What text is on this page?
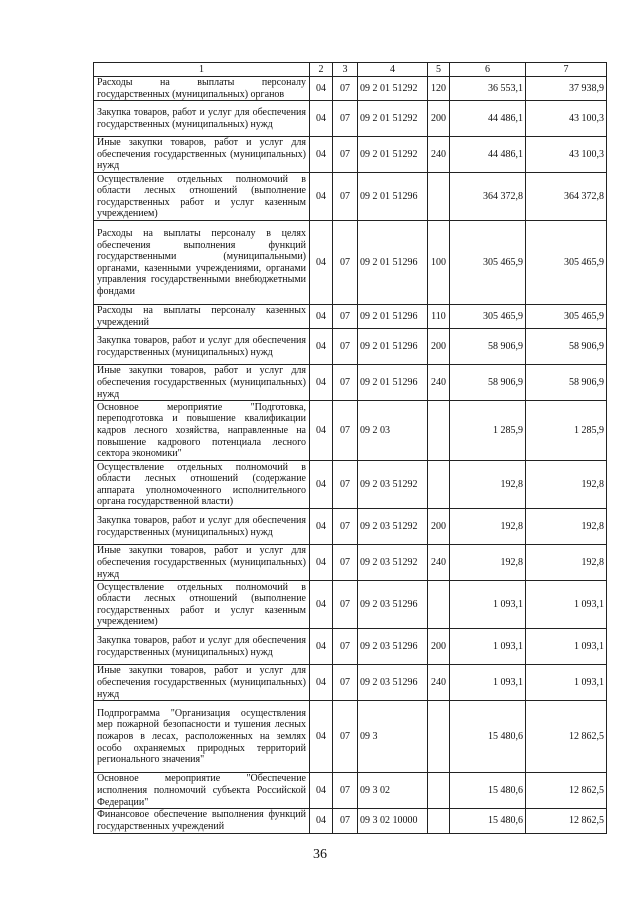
1	2	3	4	5	6	7
Расходы на выплаты персоналу государственных (муниципальных) органов	04	07	09 2 01 51292	120	36 553,1	37 938,9
Закупка товаров, работ и услуг для обеспечения государственных (муниципальных) нужд	04	07	09 2 01 51292	200	44 486,1	43 100,3
Иные закупки товаров, работ и услуг для обеспечения государственных (муниципальных) нужд	04	07	09 2 01 51292	240	44 486,1	43 100,3
Осуществление отдельных полномочий в области лесных отношений (выполнение государственных работ и услуг казенным учреждением)	04	07	09 2 01 51296		364 372,8	364 372,8
Расходы на выплаты персоналу в целях обеспечения выполнения функций государственными (муниципальными) органами, казенными учреждениями, органами управления государственными внебюджетными фондами	04	07	09 2 01 51296	100	305 465,9	305 465,9
Расходы на выплаты персоналу казенных учреждений	04	07	09 2 01 51296	110	305 465,9	305 465,9
Закупка товаров, работ и услуг для обеспечения государственных (муниципальных) нужд	04	07	09 2 01 51296	200	58 906,9	58 906,9
Иные закупки товаров, работ и услуг для обеспечения государственных (муниципальных) нужд	04	07	09 2 01 51296	240	58 906,9	58 906,9
Основное мероприятие "Подготовка, переподготовка и повышение квалификации кадров лесного хозяйства, направленные на повышение кадрового потенциала лесного сектора экономики"	04	07	09 2 03		1 285,9	1 285,9
Осуществление отдельных полномочий в области лесных отношений (содержание аппарата уполномоченного исполнительного органа государственной власти)	04	07	09 2 03 51292		192,8	192,8
Закупка товаров, работ и услуг для обеспечения государственных (муниципальных) нужд	04	07	09 2 03 51292	200	192,8	192,8
Иные закупки товаров, работ и услуг для обеспечения государственных (муниципальных) нужд	04	07	09 2 03 51292	240	192,8	192,8
Осуществление отдельных полномочий в области лесных отношений (выполнение государственных работ и услуг казенным учреждением)	04	07	09 2 03 51296		1 093,1	1 093,1
Закупка товаров, работ и услуг для обеспечения государственных (муниципальных) нужд	04	07	09 2 03 51296	200	1 093,1	1 093,1
Иные закупки товаров, работ и услуг для обеспечения государственных (муниципальных) нужд	04	07	09 2 03 51296	240	1 093,1	1 093,1
Подпрограмма "Организация осуществления мер пожарной безопасности и тушения лесных пожаров в лесах, расположенных на землях особо охраняемых природных территорий регионального значения"	04	07	09 3		15 480,6	12 862,5
Основное мероприятие "Обеспечение исполнения полномочий субъекта Российской Федерации"	04	07	09 3 02		15 480,6	12 862,5
Финансовое обеспечение выполнения функций государственных учреждений	04	07	09 3 02 10000		15 480,6	12 862,5
36
